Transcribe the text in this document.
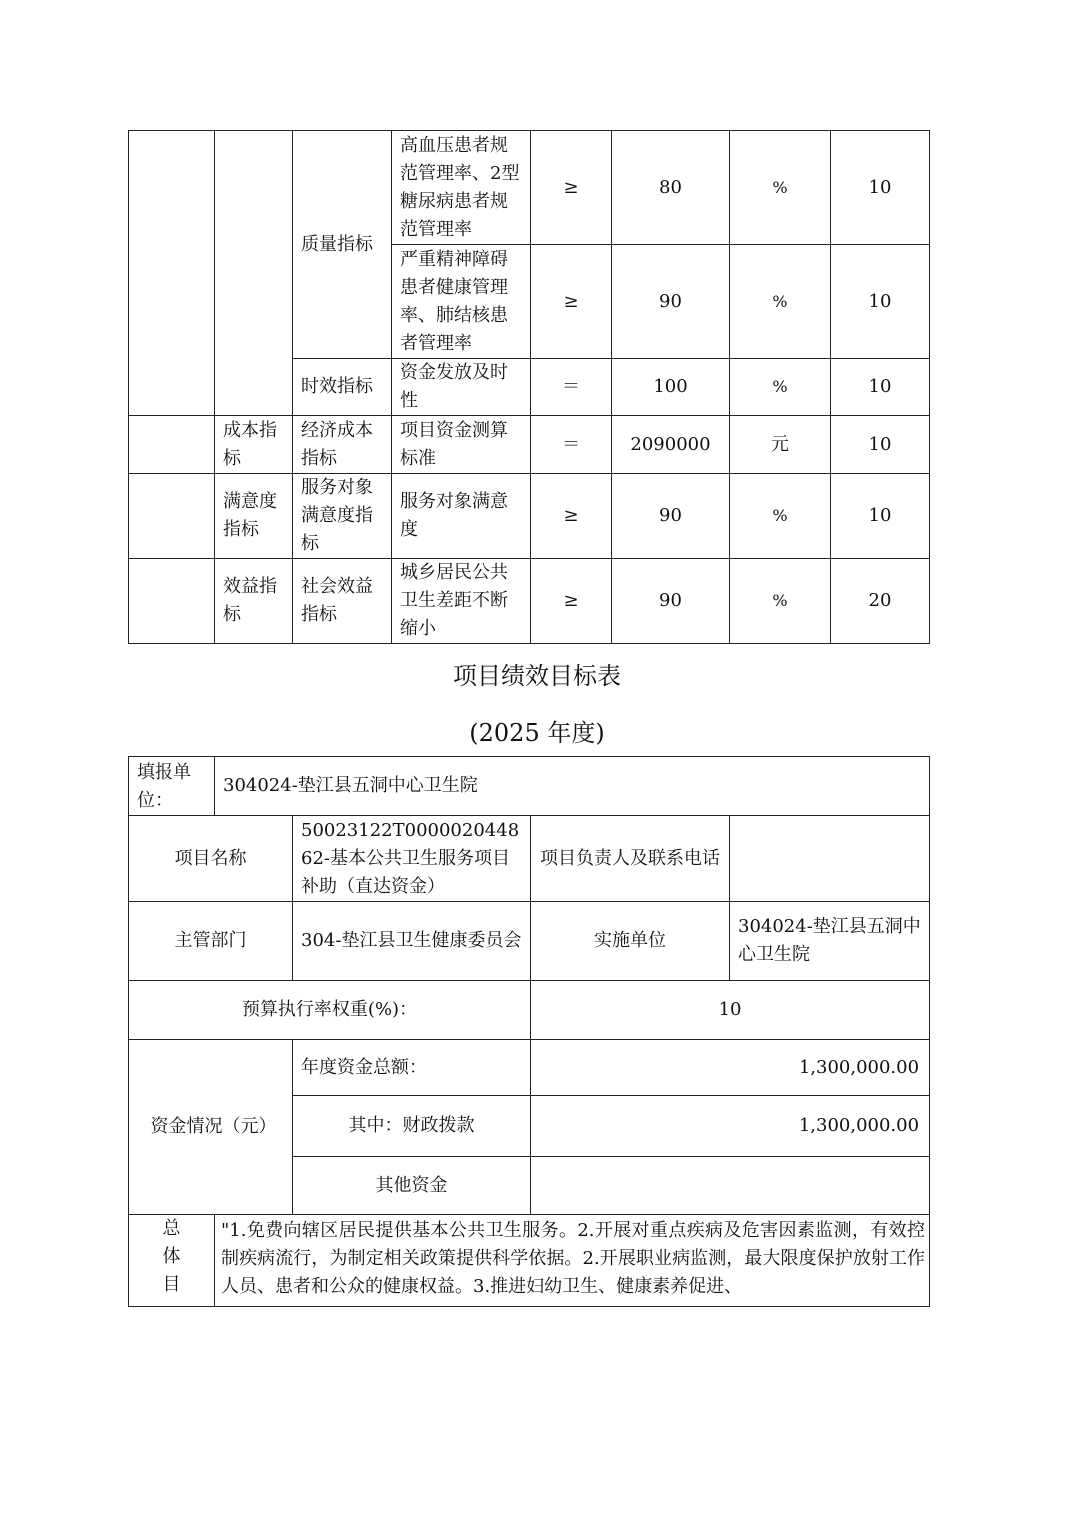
		质量指标	高血压患者规范管理率、2型糖尿病患者规范管理率	≥	80	%	10
			严重精神障碍患者健康管理率、肺结核患者管理率	≥	90	%	10
		时效指标	资金发放及时性	＝	100	%	10
	成本指标	经济成本指标	项目资金测算标准	＝	2090000	元	10
	满意度指标	服务对象满意度指标	服务对象满意度	≥	90	%	10
	效益指标	社会效益指标	城乡居民公共卫生差距不断缩小	≥	90	%	20
项目绩效目标表
(2025 年度)
填报单位：	304024-垫江县五洞中心卫生院			
项目名称		50023122T000002044862-基本公共卫生服务项目补助（直达资金）	项目负责人及联系电话	
主管部门		304-垫江县卫生健康委员会	实施单位	304024-垫江县五洞中心卫生院
预算执行率权重(%)：			10	

资金情况（元）		年度资金总额：	1,300,000.00	
		其中：财政拨款	1,300,000.00	
		其他资金		

总体目	"1.免费向辖区居民提供基本公共卫生服务。2.开展对重点疾病及危害因素监测，有效控制疾病流行，为制定相关政策提供科学依据。2.开展职业病监测，最大限度保护放射工作人员、患者和公众的健康权益。3.推进妇幼卫生、健康素养促进、			
